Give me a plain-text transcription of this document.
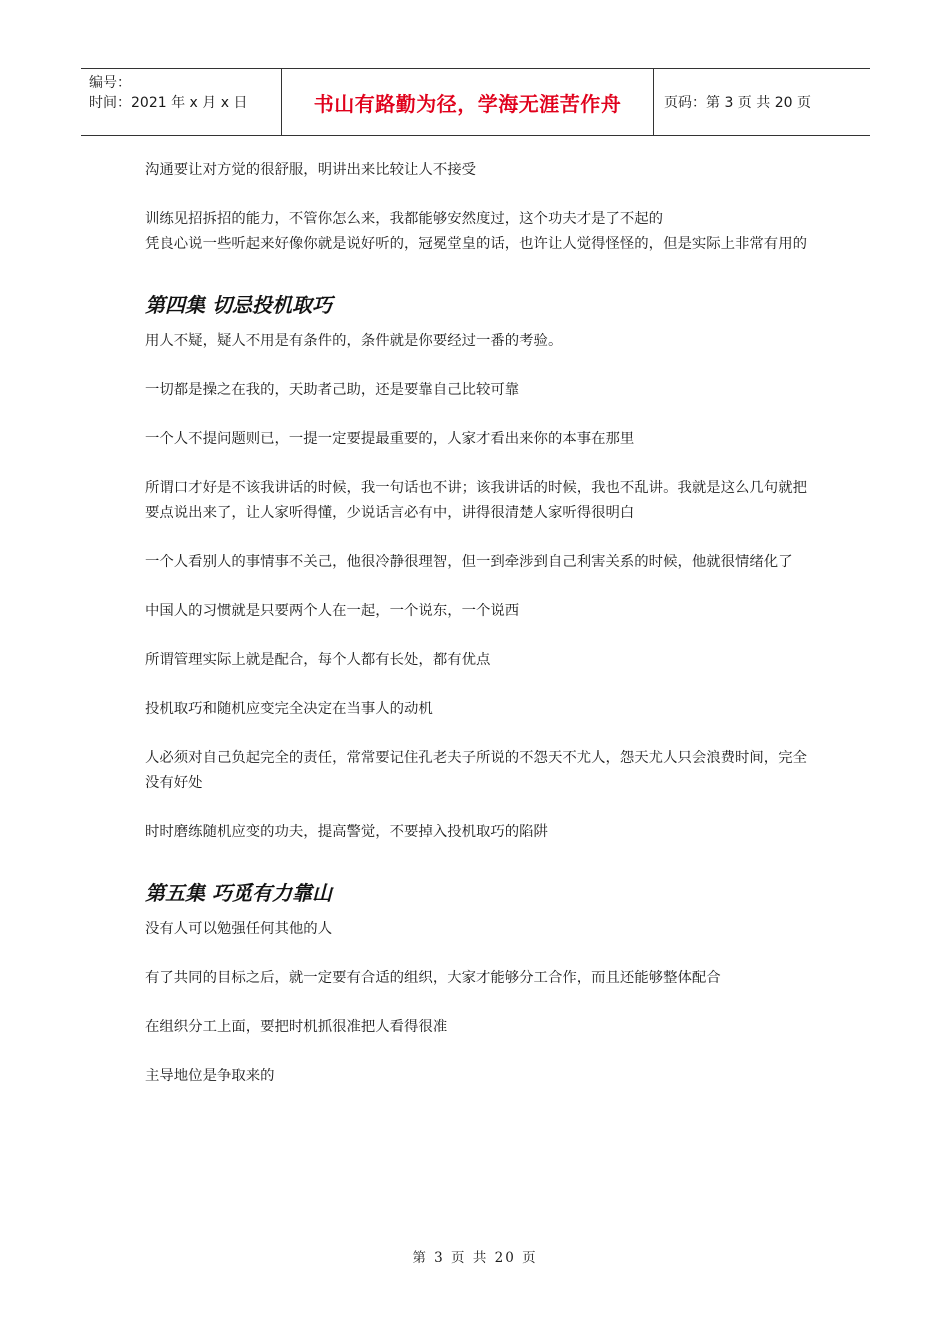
编号：
时间：2021 年 x 月 x 日	书山有路勤为径，学海无涯苦作舟	页码：第 3 页 共 20 页

沟通要让对方觉的很舒服，明讲出来比较让人不接受

训练见招拆招的能力，不管你怎么来，我都能够安然度过，这个功夫才是了不起的

凭良心说一些听起来好像你就是说好听的，冠冕堂皇的话，也许让人觉得怪怪的，但是实际上非常有用的

第四集 切忌投机取巧

用人不疑，疑人不用是有条件的，条件就是你要经过一番的考验。

一切都是操之在我的，天助者己助，还是要靠自己比较可靠

一个人不提问题则已，一提一定要提最重要的，人家才看出来你的本事在那里

所谓口才好是不该我讲话的时候，我一句话也不讲；该我讲话的时候，我也不乱讲。我就是这么几句就把要点说出来了，让人家听得懂，少说话言必有中，讲得很清楚人家听得很明白

一个人看别人的事情事不关己，他很冷静很理智，但一到牵涉到自己利害关系的时候，他就很情绪化了

中国人的习惯就是只要两个人在一起，一个说东，一个说西

所谓管理实际上就是配合，每个人都有长处，都有优点

投机取巧和随机应变完全决定在当事人的动机

人必须对自己负起完全的责任，常常要记住孔老夫子所说的不怨天不尤人，怨天尤人只会浪费时间，完全没有好处

时时磨练随机应变的功夫，提高警觉，不要掉入投机取巧的陷阱

第五集 巧觅有力靠山

没有人可以勉强任何其他的人

有了共同的目标之后，就一定要有合适的组织，大家才能够分工合作，而且还能够整体配合

在组织分工上面，要把时机抓很准把人看得很准

主导地位是争取来的

第 3 页 共 20 页
